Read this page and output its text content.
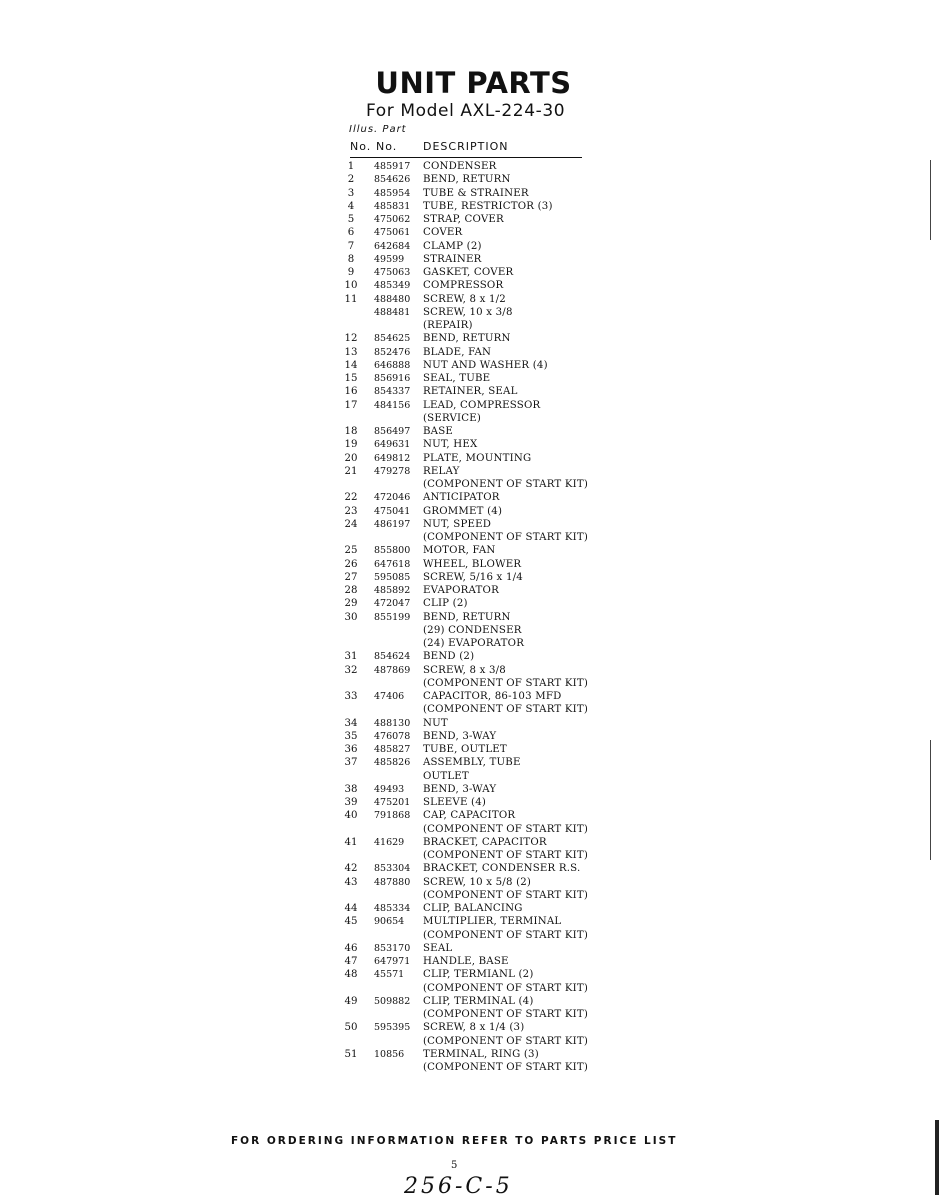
UNIT PARTS
For Model AXL-224-30
Illus. Part
No. No. DESCRIPTION
1	485917 CONDENSER
2	854626 BEND, RETURN
3	485954 TUBE & STRAINER
4	485831 TUBE, RESTRICTOR (3)
5	475062 STRAP, COVER
6	475061 COVER
7	642684 CLAMP (2)
8	49599 STRAINER
9	475063 GASKET, COVER
10	485349 COMPRESSOR
11	488480 SCREW, 8 x 1/2
488481 SCREW, 10 x 3/8
(REPAIR)
12	854625 BEND, RETURN
13	852476 BLADE, FAN
14	646888 NUT AND WASHER (4)
15	856916 SEAL, TUBE
16	854337 RETAINER, SEAL
17	484156 LEAD, COMPRESSOR
(SERVICE)
18	856497 BASE
19	649631 NUT, HEX
20	649812 PLATE, MOUNTING
21	479278 RELAY
(COMPONENT OF START KIT)
22	472046 ANTICIPATOR
23	475041 GROMMET (4)
24	486197 NUT, SPEED
(COMPONENT OF START KIT)
25	855800 MOTOR, FAN
26	647618 WHEEL, BLOWER
27	595085 SCREW, 5/16 x 1/4
28	485892 EVAPORATOR
29	472047 CLIP (2)
30	855199 BEND, RETURN
(29) CONDENSER
(24) EVAPORATOR
31	854624 BEND (2)
32	487869 SCREW, 8 x 3/8
(COMPONENT OF START KIT)
33	47406 CAPACITOR, 86-103 MFD
(COMPONENT OF START KIT)
34	488130 NUT
35	476078 BEND, 3-WAY
36	485827 TUBE, OUTLET
37	485826 ASSEMBLY, TUBE
OUTLET
38	49493 BEND, 3-WAY
39	475201 SLEEVE (4)
40	791868 CAP, CAPACITOR
(COMPONENT OF START KIT)
41	41629 BRACKET, CAPACITOR
(COMPONENT OF START KIT)
42	853304 BRACKET, CONDENSER R.S.
43	487880 SCREW, 10 x 5/8 (2)
(COMPONENT OF START KIT)
44	485334 CLIP, BALANCING
45	90654 MULTIPLIER, TERMINAL
(COMPONENT OF START KIT)
46	853170 SEAL
47	647971 HANDLE, BASE
48	45571 CLIP, TERMIANL (2)
(COMPONENT OF START KIT)
49	509882 CLIP, TERMINAL (4)
(COMPONENT OF START KIT)
50	595395 SCREW, 8 x 1/4 (3)
(COMPONENT OF START KIT)
51	10856 TERMINAL, RING (3)
(COMPONENT OF START KIT)
FOR ORDERING INFORMATION REFER TO PARTS PRICE LIST
5
256-C-5
